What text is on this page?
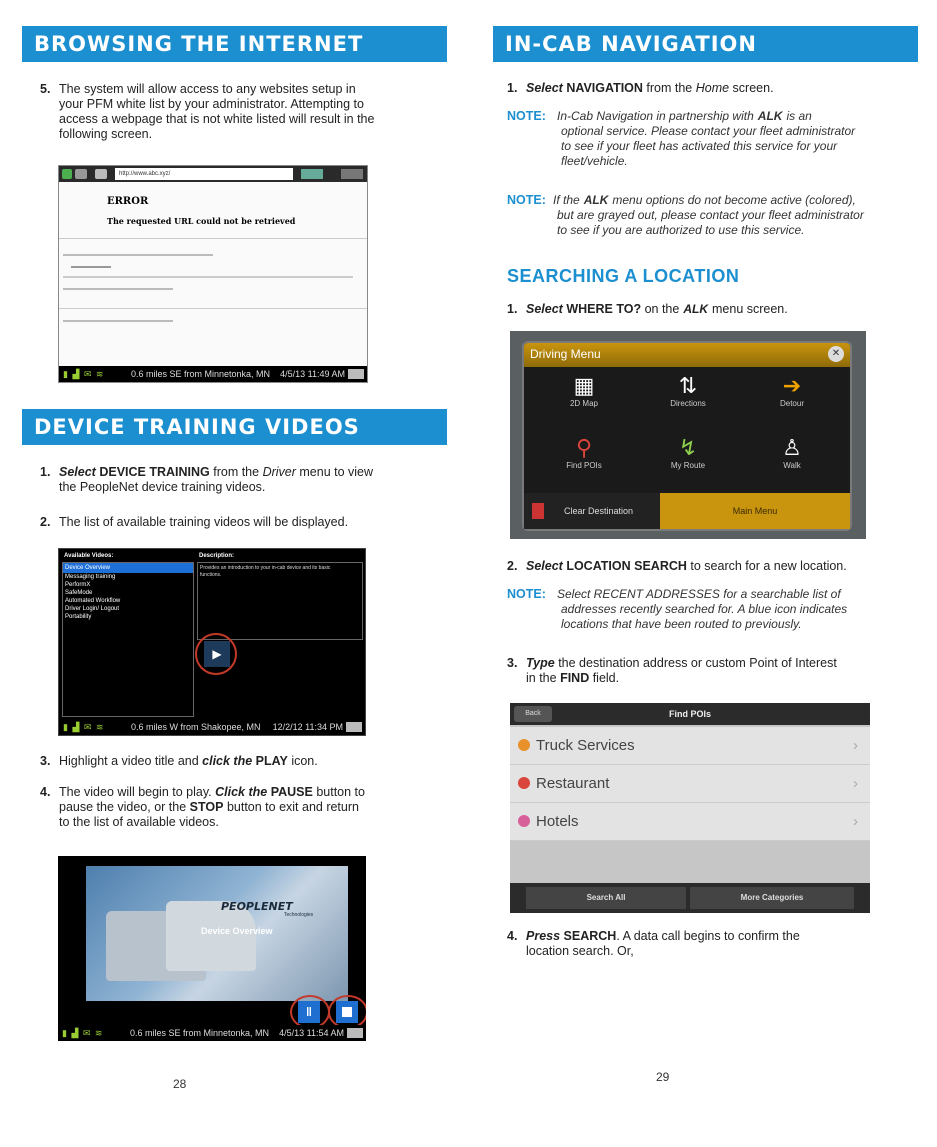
BROWSING THE INTERNET
5. The system will allow access to any websites setup in
your PFM white list by your administrator. Attempting to
access a webpage that is not white listed will result in the
following screen.
http://www.abc.xyz/
ERROR
The requested URL could not be retrieved
▮ ▟ ✉ ≋	0.6 miles SE from Minnetonka, MN 4/5/13 11:49 AM
DEVICE TRAINING VIDEOS
1. Select DEVICE TRAINING from the Driver menu to view
the PeopleNet device training videos.
2. The list of available training videos will be displayed.
Available Videos:	Description:
Device Overview
Messaging training
PerformX
SafeMode
Automated Workflow
Driver Login/ Logout
Portability
Provides an introduction to your in-cab device and its basic
functions.
▶
▮ ▟ ✉ ≋	0.6 miles W from Shakopee, MN 12/2/12 11:34 PM
3. Highlight a video title and click the PLAY icon.
4. The video will begin to play. Click the PAUSE button to
pause the video, or the STOP button to exit and return
to the list of available videos.
PEOPLENET
Technologies
Device Overview
ǁ
▮ ▟ ✉ ≋	0.6 miles SE from Minnetonka, MN 4/5/13 11:54 AM
28
IN-CAB NAVIGATION
1. Select NAVIGATION from the Home screen.
NOTE: In-Cab Navigation in partnership with ALK is an
optional service. Please contact your fleet administrator
to see if your fleet has activated this service for your
fleet/vehicle.
NOTE: If the ALK menu options do not become active (colored),
but are grayed out, please contact your fleet administrator
to see if you are authorized to use this service.
SEARCHING A LOCATION
1. Select WHERE TO? on the ALK menu screen.
Driving Menu	✕
▦
2D Map
⇅
Directions
➔
Detour
⚲
Find POIs
↯
My Route
♙
Walk
Clear Destination	Main Menu
2. Select LOCATION SEARCH to search for a new location.
NOTE: Select RECENT ADDRESSES for a searchable list of
addresses recently searched for. A blue icon indicates
locations that have been routed to previously.
3. Type the destination address or custom Point of Interest
in the FIND field.
Back	Find POIs
Truck Services	›
Restaurant	›
Hotels	›
Search All	More Categories
4. Press SEARCH. A data call begins to confirm the
location search. Or,
29
